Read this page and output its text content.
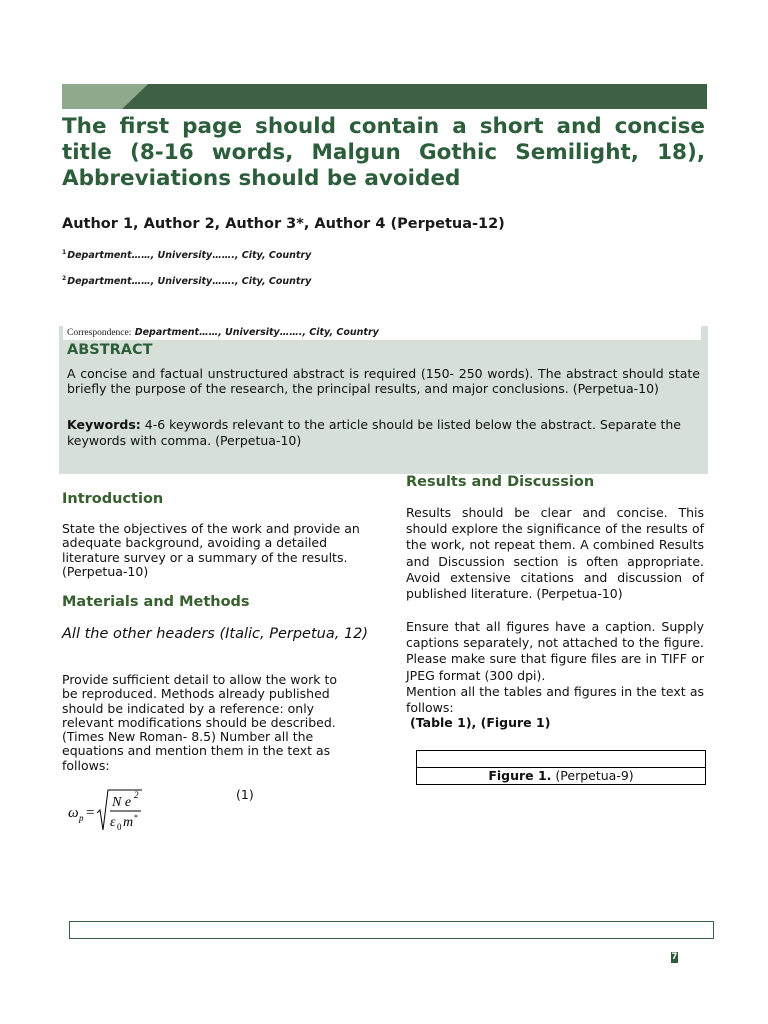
The first page should contain a short and concise title (8-16 words, Malgun Gothic Semilight, 18), Abbreviations should be avoided
Author 1, Author 2, Author 3*, Author 4 (Perpetua-12)
$^1$Department……, University……., City, Country
$^2$Department……, University……., City, Country
Correspondence: Department……, University……., City, Country
ABSTRACT

A concise and factual unstructured abstract is required (150- 250 words). The abstract should state briefly the purpose of the research, the principal results, and major conclusions. (Perpetua-10)

Keywords: 4-6 keywords relevant to the article should be listed below the abstract. Separate the keywords with comma. (Perpetua-10)

Introduction

State the objectives of the work and provide an adequate background, avoiding a detailed literature survey or a summary of the results. (Perpetua-10)

Materials and Methods

All the other headers (Italic, Perpetua, 12)

Provide sufficient detail to allow the work to be reproduced. Methods already published should be indicated by a reference: only relevant modifications should be described. (Times New Roman- 8.5) Number all the equations and mention them in the text as follows:

ω p =
N e 2
ε 0 m *
(1)
Results and Discussion

Results should be clear and concise. This should explore the significance of the results of the work, not repeat them. A combined Results and Discussion section is often appropriate. Avoid extensive citations and discussion of published literature. (Perpetua-10)

Ensure that all figures have a caption. Supply captions separately, not attached to the figure. Please make sure that figure files are in TIFF or JPEG format (300 dpi).

Mention all the tables and figures in the text as follows:

(Table 1), (Figure 1)

Figure 1. (Perpetua-9)
7
